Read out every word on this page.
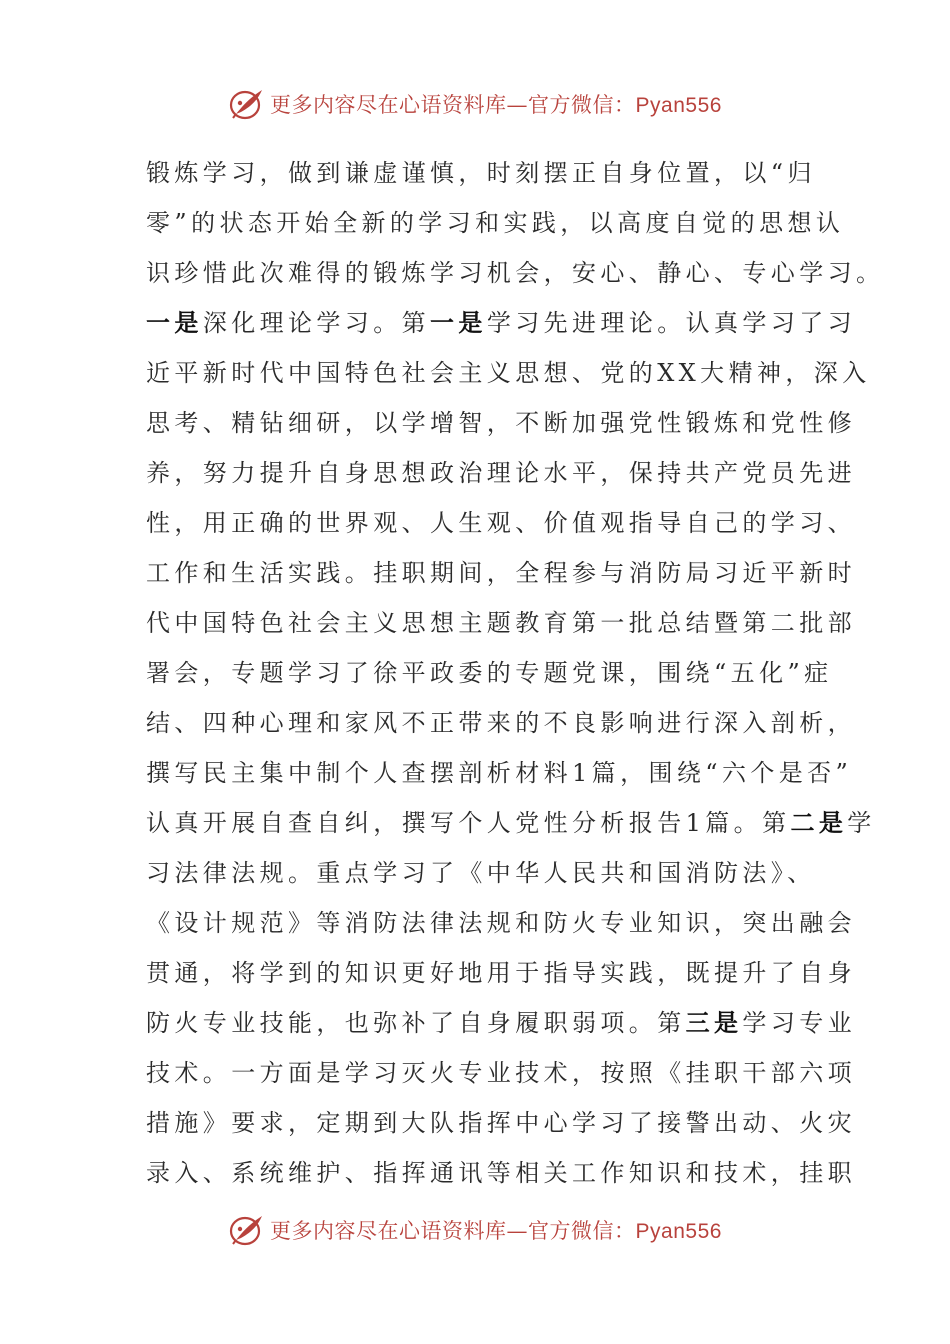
更多内容尽在心语资料库—官方微信：Pyan556
锻炼学习，做到谦虚谨慎，时刻摆正自身位置，以“归
零”的状态开始全新的学习和实践，以高度自觉的思想认
识珍惜此次难得的锻炼学习机会，安心、静心、专心学习。
一是深化理论学习。第一是学习先进理论。认真学习了习
近平新时代中国特色社会主义思想、党的XX大精神，深入
思考、精钻细研，以学增智，不断加强党性锻炼和党性修
养，努力提升自身思想政治理论水平，保持共产党员先进
性，用正确的世界观、人生观、价值观指导自己的学习、
工作和生活实践。挂职期间，全程参与消防局习近平新时
代中国特色社会主义思想主题教育第一批总结暨第二批部
署会，专题学习了徐平政委的专题党课，围绕“五化”症
结、四种心理和家风不正带来的不良影响进行深入剖析，
撰写民主集中制个人查摆剖析材料1篇，围绕“六个是否”
认真开展自查自纠，撰写个人党性分析报告1篇。第二是学
习法律法规。重点学习了《中华人民共和国消防法》、
《设计规范》等消防法律法规和防火专业知识，突出融会
贯通，将学到的知识更好地用于指导实践，既提升了自身
防火专业技能，也弥补了自身履职弱项。第三是学习专业
技术。一方面是学习灭火专业技术，按照《挂职干部六项
措施》要求，定期到大队指挥中心学习了接警出动、火灾
录入、系统维护、指挥通讯等相关工作知识和技术，挂职
更多内容尽在心语资料库—官方微信：Pyan556
